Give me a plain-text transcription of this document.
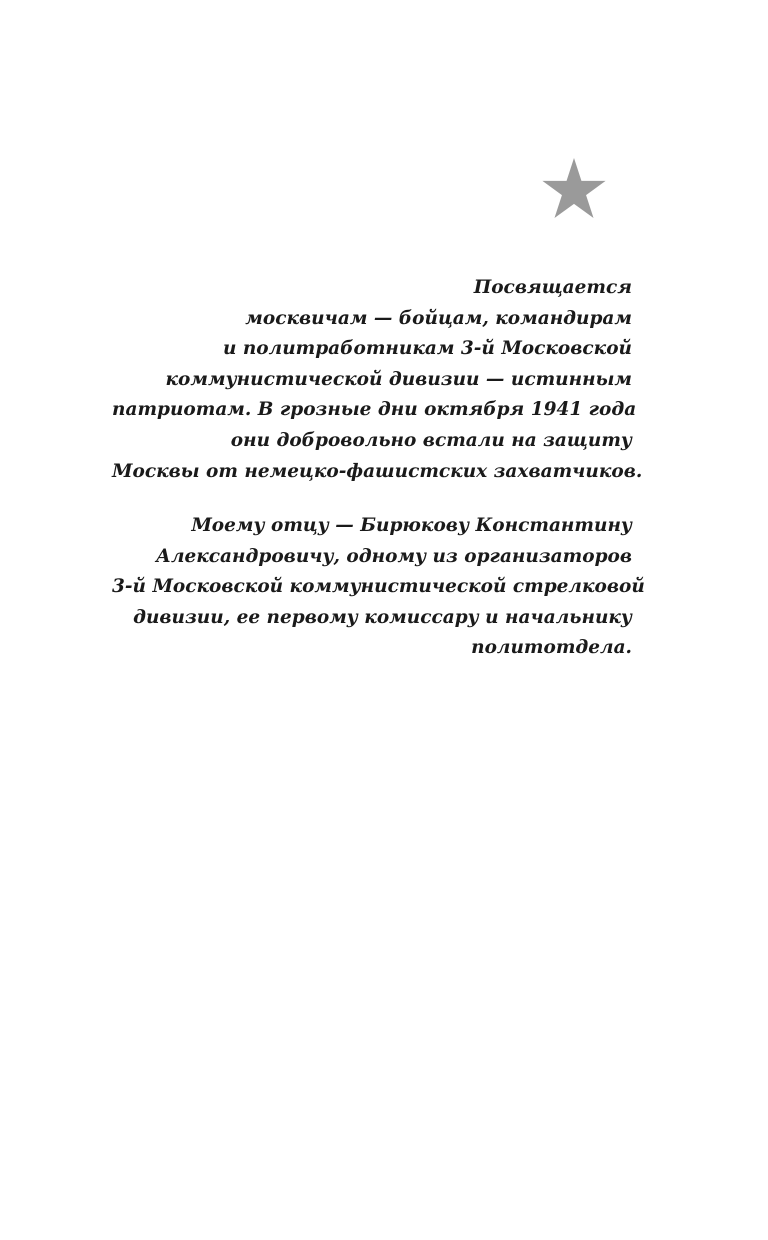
Посвящается
москвичам — бойцам, командирам
и политработникам 3-й Московской
коммунистической дивизии — истинным
патриотам. В грозные дни октября 1941 года
они добровольно встали на защиту
Москвы от немецко-фашистских захватчиков.
Моему отцу — Бирюкову Константину
Александровичу, одному из организаторов
3-й Московской коммунистической стрелковой
дивизии, ее первому комиссару и начальнику
политотдела.
